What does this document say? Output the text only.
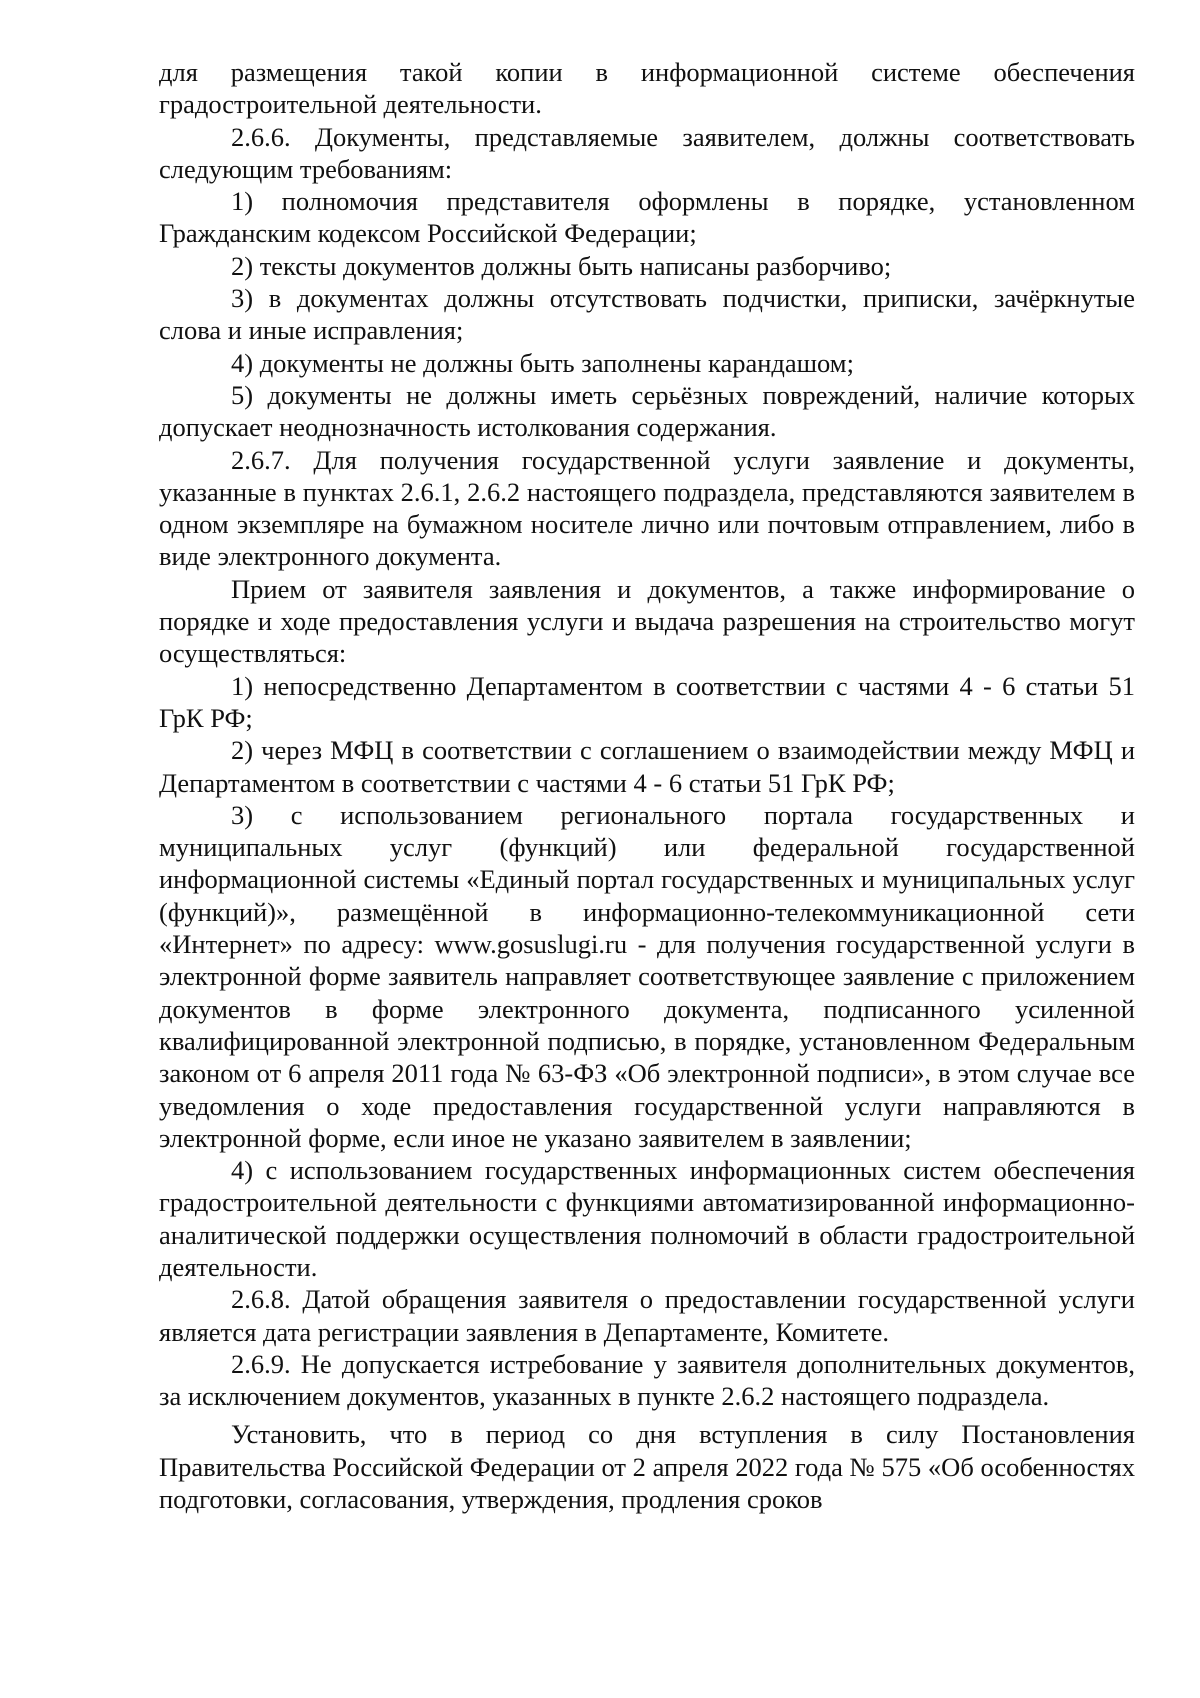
для размещения такой копии в информационной системе обеспечения градостроительной деятельности.

2.6.6. Документы, представляемые заявителем, должны соответствовать следующим требованиям:

1) полномочия представителя оформлены в порядке, установленном Гражданским кодексом Российской Федерации;

2) тексты документов должны быть написаны разборчиво;

3) в документах должны отсутствовать подчистки, приписки, зачёркнутые слова и иные исправления;

4) документы не должны быть заполнены карандашом;

5) документы не должны иметь серьёзных повреждений, наличие которых допускает неоднозначность истолкования содержания.

2.6.7. Для получения государственной услуги заявление и документы, указанные в пунктах 2.6.1, 2.6.2 настоящего подраздела, представляются заявителем в одном экземпляре на бумажном носителе лично или почтовым отправлением, либо в виде электронного документа.

Прием от заявителя заявления и документов, а также информирование о порядке и ходе предоставления услуги и выдача разрешения на строительство могут осуществляться:

1) непосредственно Департаментом в соответствии с частями 4 - 6 статьи 51 ГрК РФ;

2) через МФЦ в соответствии с соглашением о взаимодействии между МФЦ и Департаментом в соответствии с частями 4 - 6 статьи 51 ГрК РФ;

3) с использованием регионального портала государственных и муниципальных услуг (функций) или федеральной государственной информационной системы «Единый портал государственных и муниципальных услуг (функций)», размещённой в информационно-телекоммуникационной сети «Интернет» по адресу: www.gosuslugi.ru - для получения государственной услуги в электронной форме заявитель направляет соответствующее заявление с приложением документов в форме электронного документа, подписанного усиленной квалифицированной электронной подписью, в порядке, установленном Федеральным законом от 6 апреля 2011 года № 63-ФЗ «Об электронной подписи», в этом случае все уведомления о ходе предоставления государственной услуги направляются в электронной форме, если иное не указано заявителем в заявлении;

4) с использованием государственных информационных систем обеспечения градостроительной деятельности с функциями автоматизированной информационно-аналитической поддержки осуществления полномочий в области градостроительной деятельности.

2.6.8. Датой обращения заявителя о предоставлении государственной услуги является дата регистрации заявления в Департаменте, Комитете.

2.6.9. Не допускается истребование у заявителя дополнительных документов, за исключением документов, указанных в пункте 2.6.2 настоящего подраздела.

Установить, что в период со дня вступления в силу Постановления Правительства Российской Федерации от 2 апреля 2022 года № 575 «Об особенностях подготовки, согласования, утверждения, продления сроков
